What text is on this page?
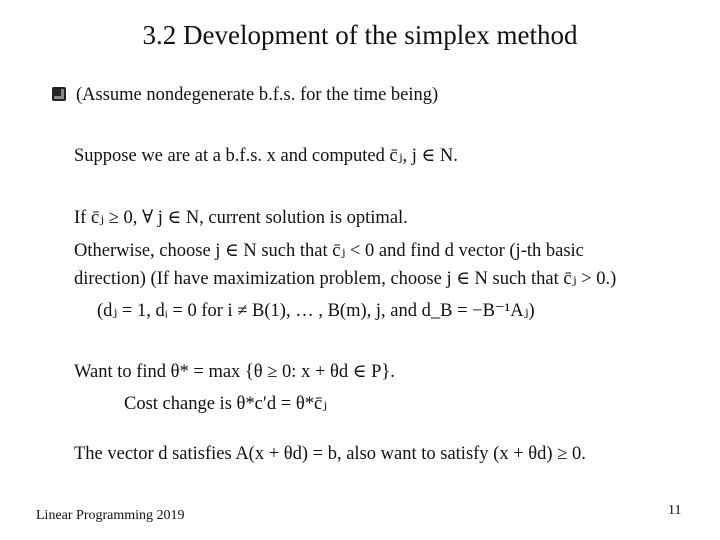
3.2 Development of the simplex method
(Assume nondegenerate b.f.s. for the time being)
Suppose we are at a b.f.s. x and computed c̄ⱼ, j ∈ N.
If c̄ⱼ ≥ 0, ∀ j ∈ N, current solution is optimal.
Otherwise, choose j ∈ N such that c̄ⱼ < 0 and find d vector (j-th basic
direction) (If have maximization problem, choose j ∈ N such that c̄ⱼ > 0.)
(dⱼ = 1, dᵢ = 0 for i ≠ B(1), … , B(m), j, and d_B = −B⁻¹Aⱼ)
Want to find θ* = max {θ ≥ 0: x + θd ∈ P}.
Cost change is θ*c′d = θ*c̄ⱼ
The vector d satisfies A(x + θd) = b, also want to satisfy (x + θd) ≥ 0.
Linear Programming 2019	11
